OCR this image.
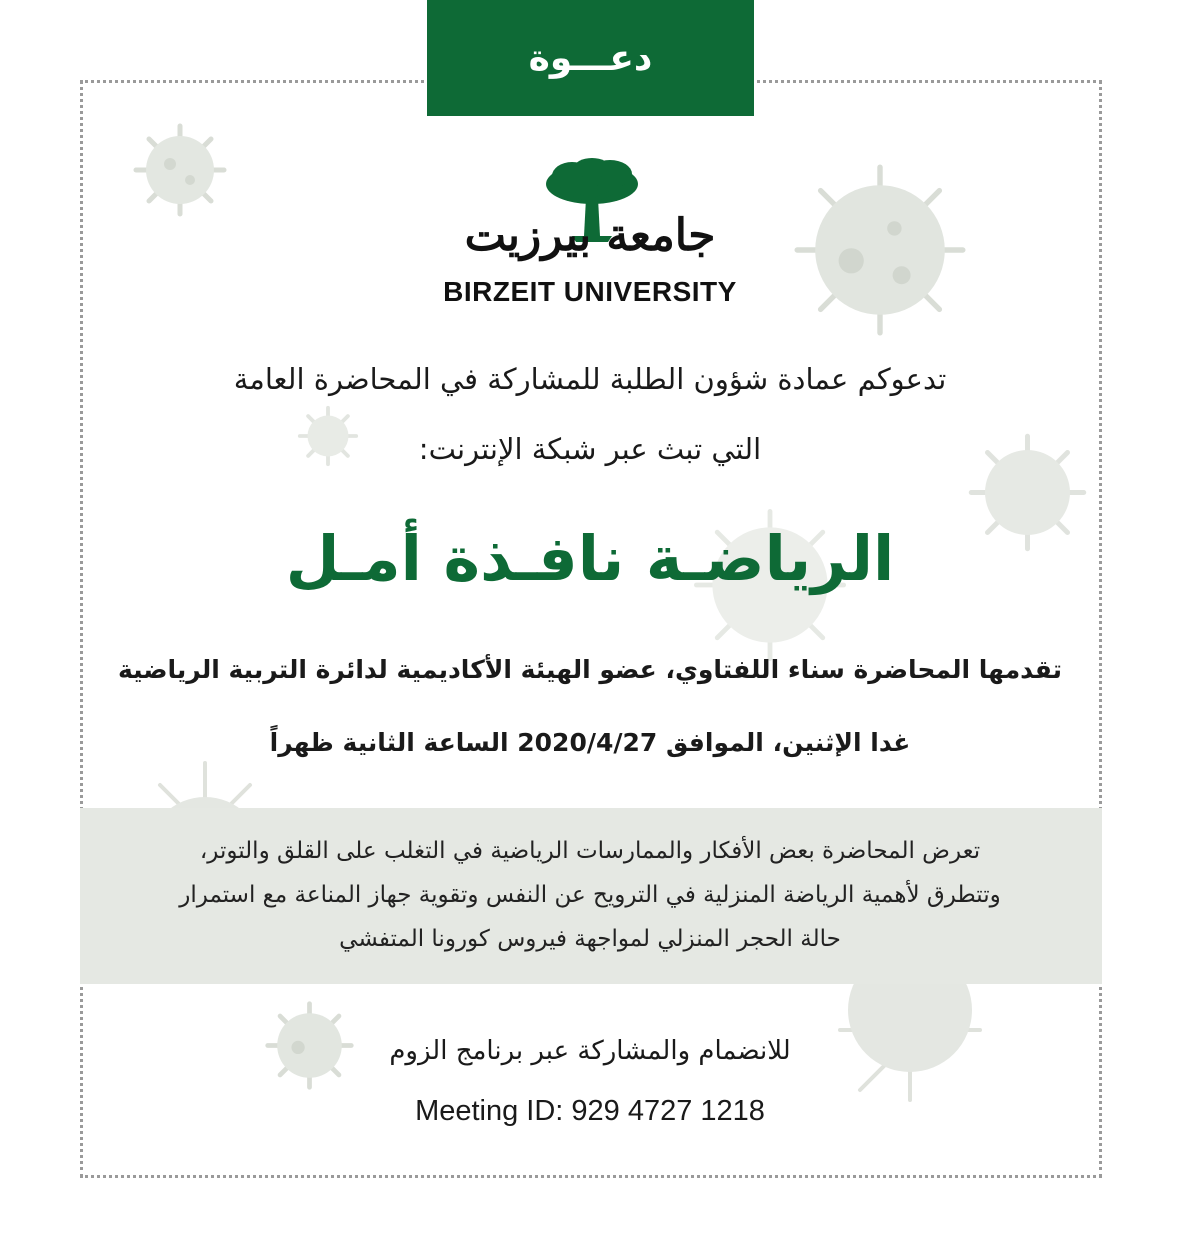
دعـــوة
جامعة بيرزيت
BIRZEIT UNIVERSITY
تدعوكم عمادة شؤون الطلبة للمشاركة في المحاضرة العامة
التي تبث عبر شبكة الإنترنت:
الرياضـة نافـذة أمـل
تقدمها المحاضرة سناء اللفتاوي، عضو الهيئة الأكاديمية لدائرة التربية الرياضية
غدا الإثنين، الموافق 2020/4/27 الساعة الثانية ظهراً
تعرض المحاضرة بعض الأفكار والممارسات الرياضية في التغلب على القلق والتوتر،
وتتطرق لأهمية الرياضة المنزلية في الترويح عن النفس وتقوية جهاز المناعة مع استمرار
حالة الحجر المنزلي لمواجهة فيروس كورونا المتفشي
للانضمام والمشاركة عبر برنامج الزوم
Meeting ID: 929 4727 1218
